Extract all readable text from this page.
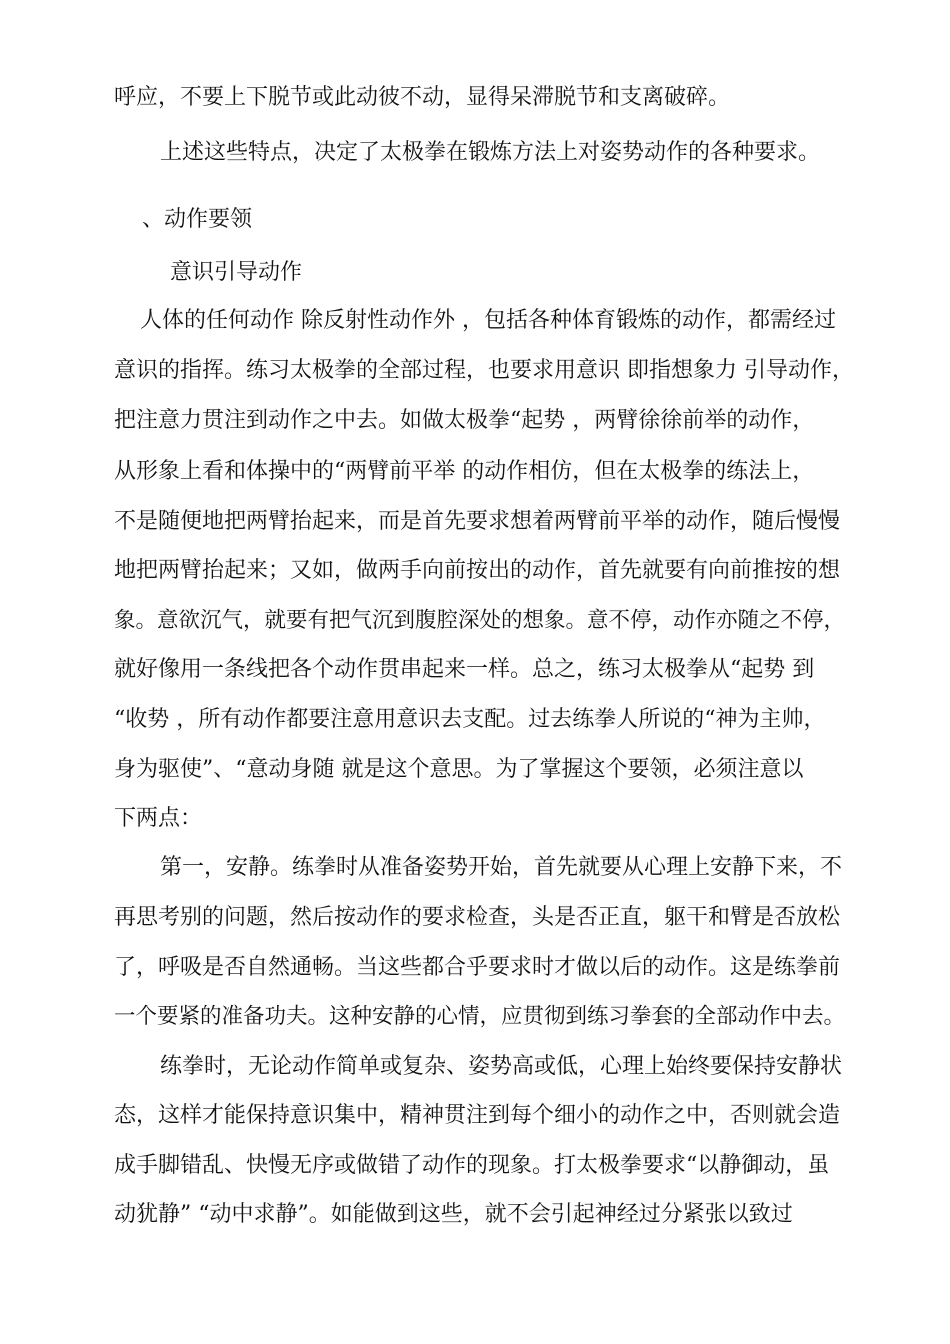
呼应，不要上下脱节或此动彼不动，显得呆滞脱节和支离破碎。
上述这些特点，决定了太极拳在锻炼方法上对姿势动作的各种要求。
、动作要领
意识引导动作
人体的任何动作 除反射性动作外 ，包括各种体育锻炼的动作，都需经过
意识的指挥。练习太极拳的全部过程，也要求用意识 即指想象力 引导动作，
把注意力贯注到动作之中去。如做太极拳“起势 ，两臂徐徐前举的动作，
从形象上看和体操中的“两臂前平举 的动作相仿，但在太极拳的练法上，
不是随便地把两臂抬起来，而是首先要求想着两臂前平举的动作，随后慢慢
地把两臂抬起来；又如，做两手向前按出的动作，首先就要有向前推按的想
象。意欲沉气，就要有把气沉到腹腔深处的想象。意不停，动作亦随之不停，
就好像用一条线把各个动作贯串起来一样。总之，练习太极拳从“起势 到
“收势 ，所有动作都要注意用意识去支配。过去练拳人所说的“神为主帅，
身为驱使”、“意动身随 就是这个意思。为了掌握这个要领，必须注意以
下两点：
第一，安静。练拳时从准备姿势开始，首先就要从心理上安静下来，不
再思考别的问题，然后按动作的要求检查，头是否正直，躯干和臂是否放松
了，呼吸是否自然通畅。当这些都合乎要求时才做以后的动作。这是练拳前
一个要紧的准备功夫。这种安静的心情，应贯彻到练习拳套的全部动作中去。
练拳时，无论动作简单或复杂、姿势高或低，心理上始终要保持安静状
态，这样才能保持意识集中，精神贯注到每个细小的动作之中，否则就会造
成手脚错乱、快慢无序或做错了动作的现象。打太极拳要求“以静御动，虽
动犹静” “动中求静”。如能做到这些，就不会引起神经过分紧张以致过
